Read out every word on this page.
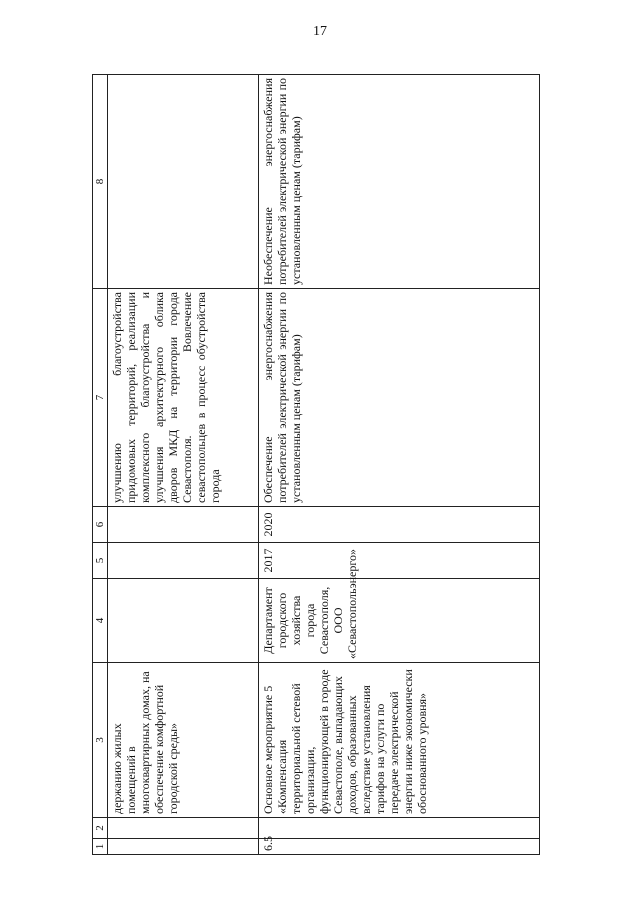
17
1	2	3	4	5	6	7	8
		держанию жилых помещений в многоквартирных домах, на обеспечение комфортной городской среды»				улучшению благоустройства придомовых территорий, реализации комплексного благоустройства и улучшения архитектурного облика дворов МКД на территории города Севастополя. Вовлечение севастопольцев в процесс обустройства города	
6.5		Основное мероприятие 5 «Компенсация территориальной сетевой организации, функционирующей в городе Севастополе, выпадающих доходов, образованных вследствие установления тарифов на услуги по передаче электрической энергии ниже экономически обоснованного уровня»	Департамент городского хозяйства города Севастополя, ООО «Севастопольэнерго»	2017	2020	Обеспечение энергоснабжения потребителей электрической энергии по установленным ценам (тарифам)	Необеспечение энергоснабжения потребителей электрической энергии по установленным ценам (тарифам)
